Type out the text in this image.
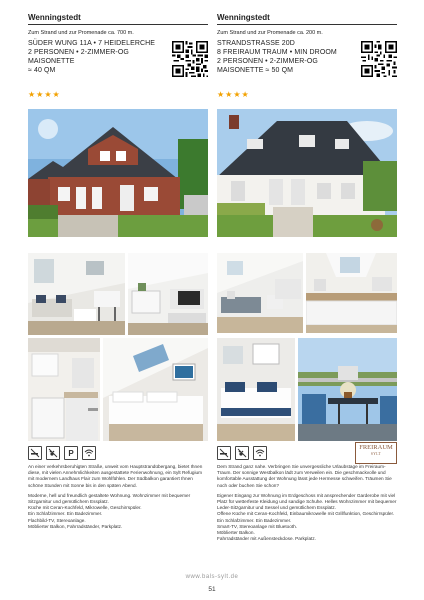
Wenningstedt
Zum Strand und zur Promenade ca. 700 m.
SÜDER WUNG 11A • 7 HEIDELERCHE
2 PERSONEN • 2-ZIMMER-OG
MAISONETTE
≈ 40 QM
★★★★
P

An einer verkehrsberuhigten Straße, unweit vom Hauptstrandübergang, bietet Ihnen diese, mit vielen Annehmlichkeiten ausgestattete Ferienwohnung, ein Sylt Refugium mit modernem Landhaus Flair zum Wohlfühlen. Der Südbalkon garantiert Ihnen schöne Stunden mit Sonne bis in den späten Abend.

Moderne, hell und freundlich gestaltete Wohnung. Wohnzimmer mit bequemer Sitzgarnitur und gemütlichem Essplatz.
Küche mit Ceran-Kochfeld, Mikrowelle, Geschirrspüler.
Ein Schlafzimmer. Ein Badezimmer.
Flachbild-TV, Stereoanlage.
Möblierter Balkon, Fahrradständer, Parkplatz.

Wenningstedt
Zum Strand und zur Promenade ca. 200 m.
STRANDSTRASSE 20D
8 FREIRAUM TRAUM • MIN DROOM
2 PERSONEN • 2-ZIMMER-OG
MAISONETTE ≈ 50 QM
★★★★
FREIRAUM
SYLT

Dem Strand ganz nahe. Verbringen Sie unvergessliche Urlaubstage im Freiraum-Traum. Der sonnige Westbalkon lädt zum Verweilen ein. Die geschmackvolle und komfortable Ausstattung der Wohnung lässt jede Hermesse schweifen. Träumen Sie noch oder buchen Sie schon?

Eigener Eingang zur Wohnung im Erdgeschoss mit ansprechender Garderobe mit viel Platz für wetterfeste Kleidung und sandige Schuhe. Helles Wohnzimmer mit bequemer Leder-Sitzgarnitur und Sessel und gemütlichem Essplatz.
Offene Küche mit Ceran-Kochfeld, Einbaumikrowelle mit Grillfunktion, Geschirrspüler.
Ein Schlafzimmer. Ein Badezimmer.
Smart-TV, Stereoanlage mit Bluetooth.
Möblierter Balkon.
Fahrradständer mit Außensteckdose. Parkplatz.

www.bals-sylt.de
51
